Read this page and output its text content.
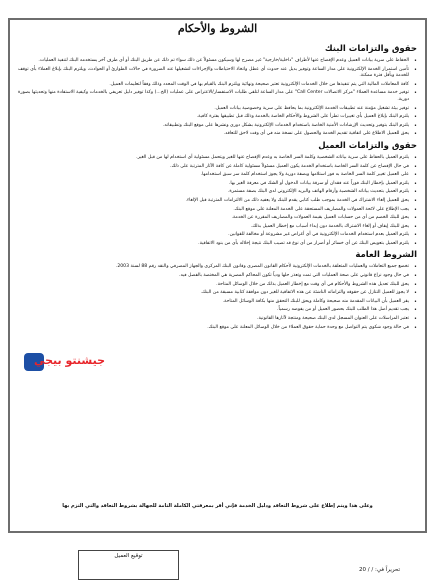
الشروط والأحكام
حقوق والتزامات البنك

•
الحفاظ على سرية بيانات العميل وعدم الإفصاح عنها لأطراف "داخلية/خارجية" غير مصرح لها وسيكون مسئولاً عن ذلك سواء تم ذلك عن طريق البنك أو أي طرف آخر يستخدمه البنك لتنفيذ العمليات.

•
تأمين استمرار الخدمة الإلكترونية على مدار الساعة وتوفير بديل عند حدوث أي عطل واتخاذ الاحتياطات والإجراءات لتشغيلها عند الضرورة في حالات الطوارئ أو الحوادث، ويلتزم البنك بإبلاغ العملاء بأي توقف للخدمة وبأقل فترة ممكنة.

•
كافة المعاملات المالية التي يتم تنفيذها من خلال الخدمات الإلكترونية تعتبر صحيحة ونهائية ويلتزم البنك بالقيام بها في الوقت المحدد وذلك وفقاً لتعليمات العميل.

•
توفير خدمة مساعدة العملاء "مركز الاتصالات Call Center" على مدار الساعة لتلقي طلبات الاستفسار/الاعتراض على عمليات (الخ...) وكذا توفير دليل تعريفي بالخدمات وكيفية الاستفادة منها وتحديثها بصورة دورية.

•
توفير بيئة تشغيل مؤمنة عند تطبيقات الخدمة الإلكترونية بما يحافظ على سرية وخصوصية بيانات العميل.

•
يلتزم البنك بإبلاغ العميل بأي تغييرات تطرأ على الشروط والأحكام الخاصة بالخدمة وذلك قبل تطبيقها بفترة كافية.

•
يلتزم البنك بتوفير وتحديث الإرشادات الأمنية الخاصة باستخدام الخدمات الإلكترونية بشكل دوري ونشرها على موقع البنك وتطبيقاته.

•
يحق للعميل الاطلاع على اتفاقية تقديم الخدمة والحصول على نسخة منه في أي وقت لاحق للتعاقد.

حقوق والتزامات العميل

•
يلتزم العميل بالحفاظ على سرية بياناته الشخصية وكلمة السر الخاصة به وعدم الإفصاح عنها للغير ويتحمل مسئولية أي استخدام لها من قبل الغير.

•
في حال الإفصاح عن كلمة السر الخاصة باستخدام الخدمة يكون العميل مسئولاً مسئولية كاملة عن كافة الآثار المترتبة على ذلك.

•
على العميل تغيير كلمة السر الخاصة به فور استلامها وبصفة دورية ولا يجوز استخدام كلمة سر سبق استخدامها.

•
يلتزم العميل بإخطار البنك فوراً عند فقدان أو سرقة بيانات الدخول أو الشك في معرفة الغير بها.

•
يلتزم العميل بتحديث بياناته الشخصية وأرقام الهاتف والبريد الإلكتروني لدى البنك بصفة مستمرة.

•
يحق للعميل إلغاء الاشتراك في الخدمة بموجب طلب كتابي يقدم للبنك ولا يعفيه ذلك من الالتزامات المترتبة قبل الإلغاء.

•
يجب الإطلاع على لائحة العمولات والمصاريف المستحقة على الخدمة المعلنة على موقع البنك.

•
يحق للبنك الخصم من أي من حسابات العميل بقيمة العمولات والمصاريف المقررة عن الخدمة.

•
يحق للبنك إيقاف أو إلغاء الاشتراك بالخدمة دون إبداء أسباب مع إخطار العميل بذلك.

•
يلتزم العميل بعدم استخدام الخدمات الإلكترونية في أي أغراض غير مشروعة أو مخالفة للقوانين.

•
يلتزم العميل بتعويض البنك عن أي خسائر أو أضرار من أي نوع قد تصيب البنك نتيجة إخلاله بأي من بنود الاتفاقية.

الشروط العامة

•
تخضع جميع التعاملات والعمليات المتعلقة بالخدمات الإلكترونية لأحكام القانون المصري وقانون البنك المركزي والجهاز المصرفي والنقد رقم 88 لسنة 2003.

•
في حال وجود نزاع قانوني على صحة العمليات التي تمت وتعذر حلها ودياً تكون المحاكم المصرية هي المختصة بالفصل فيه.

•
يحق للبنك تعديل هذه الشروط والأحكام في أي وقت مع إخطار العميل بذلك من خلال الوسائل المتاحة.

•
لا يجوز للعميل التنازل عن حقوقه والتزاماته الناشئة عن هذه الاتفاقية للغير دون موافقة كتابية مسبقة من البنك.

•
يقر العميل بأن البيانات المقدمة منه صحيحة وكاملة ويحق للبنك التحقق منها بكافة الوسائل المتاحة.

•
يجب تقديم أصل هذا الطلب للبنك بحضور العميل أو من يفوضه رسمياً.

•
تعتبر المراسلات على العنوان المسجل لدى البنك صحيحة ومنتجة لآثارها القانونية.

•
في حالة وجود شكوى يتم التواصل مع وحدة حماية حقوق العملاء من خلال الوسائل المعلنة على موقع البنك.

جيشنتو بيجي
وعلى هذا ويتم إطلاع على شروط التعاقد ودليل الخدمة فإني أقر بمعرفتي الكاملة التامة للجهالة بشروط التعاقد والتي التزم بها
توقيع العميل
تحريراً في: / / 20
